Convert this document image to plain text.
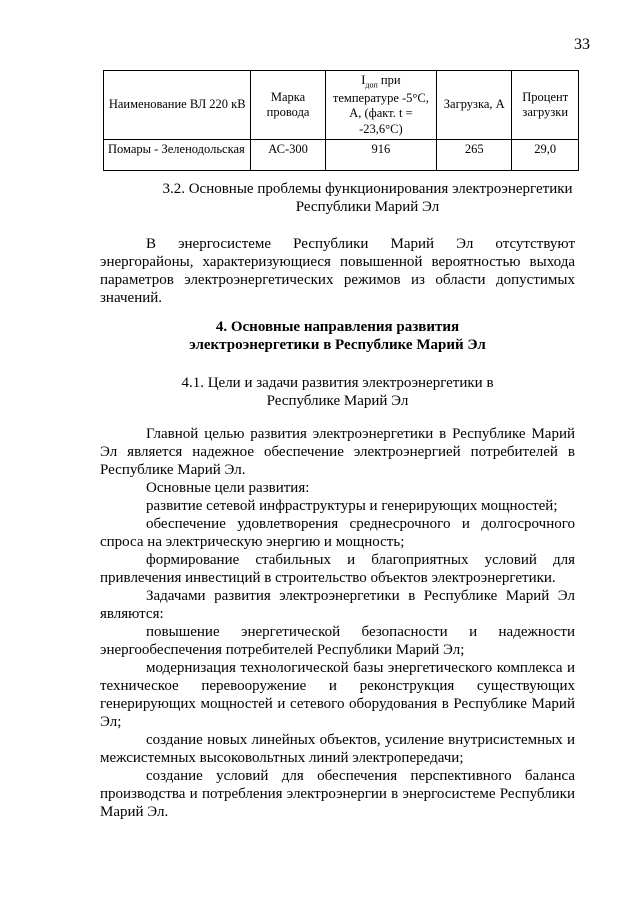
33
Наименование ВЛ 220 кВ	Марка провода	$I_{доп}$ при температуре -5°С, А, (факт. t = -23,6°С)	Загрузка, А	Процент загрузки
Помары - Зеленодольская	АС-300	916	265	29,0
3.2. Основные проблемы функционирования электроэнергетики Республики Марий Эл

В энергосистеме Республики Марий Эл отсутствуют энергорайоны, характеризующиеся повышенной вероятностью выхода параметров электроэнергетических режимов из области допустимых значений.

4. Основные направления развития электроэнергетики в Республике Марий Эл
4.1. Цели и задачи развития электроэнергетики в Республике Марий Эл

Главной целью развития электроэнергетики в Республике Марий Эл является надежное обеспечение электроэнергией потребителей в Республике Марий Эл.

Основные цели развития:

развитие сетевой инфраструктуры и генерирующих мощностей;

обеспечение удовлетворения среднесрочного и долгосрочного спроса на электрическую энергию и мощность;

формирование стабильных и благоприятных условий для привлечения инвестиций в строительство объектов электроэнергетики.

Задачами развития электроэнергетики в Республике Марий Эл являются:

повышение энергетической безопасности и надежности энергообеспечения потребителей Республики Марий Эл;

модернизация технологической базы энергетического комплекса и техническое перевооружение и реконструкция существующих генерирующих мощностей и сетевого оборудования в Республике Марий Эл;

создание новых линейных объектов, усиление внутрисистемных и межсистемных высоковольтных линий электропередачи;

создание условий для обеспечения перспективного баланса производства и потребления электроэнергии в энергосистеме Республики Марий Эл.
